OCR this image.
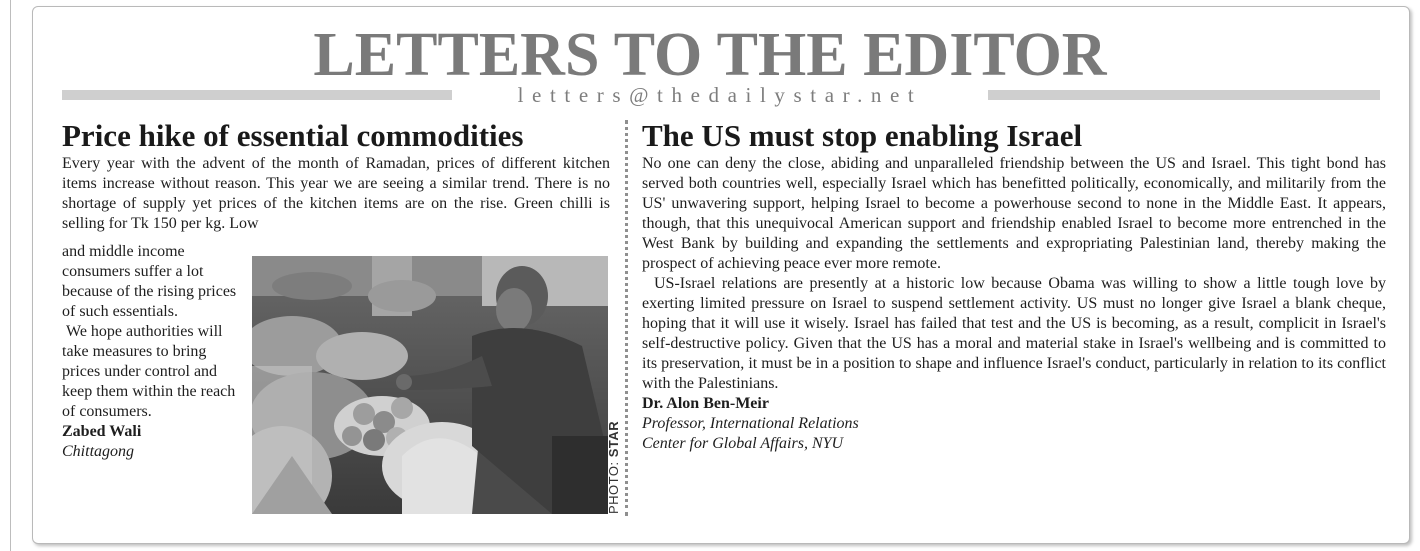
LETTERS TO THE EDITOR
letters@thedailystar.net
Price hike of essential commodities

Every year with the advent of the month of Ramadan, prices of different kitchen items increase without reason. This year we are seeing a similar trend. There is no shortage of supply yet prices of the kitchen items are on the rise. Green chilli is selling for Tk 150 per kg. Low

and middle income consumers suffer a lot because of the rising prices of such essentials.

We hope authorities will take measures to bring prices under control and keep them within the reach of consumers.

Zabed Wali

Chittagong

PHOTO: STAR
The US must stop enabling Israel

No one can deny the close, abiding and unparalleled friendship between the US and Israel. This tight bond has served both countries well, especially Israel which has benefitted politically, economically, and militarily from the US' unwavering support, helping Israel to become a powerhouse second to none in the Middle East. It appears, though, that this unequivocal American support and friendship enabled Israel to become more entrenched in the West Bank by building and expanding the settlements and expropriating Palestinian land, thereby making the prospect of achieving peace ever more remote.

US-Israel relations are presently at a historic low because Obama was willing to show a little tough love by exerting limited pressure on Israel to suspend settlement activity. US must no longer give Israel a blank cheque, hoping that it will use it wisely. Israel has failed that test and the US is becoming, as a result, complicit in Israel's self-destructive policy. Given that the US has a moral and material stake in Israel's wellbeing and is committed to its preservation, it must be in a position to shape and influence Israel's conduct, particularly in relation to its conflict with the Palestinians.

Dr. Alon Ben-Meir

Professor, International Relations

Center for Global Affairs, NYU
